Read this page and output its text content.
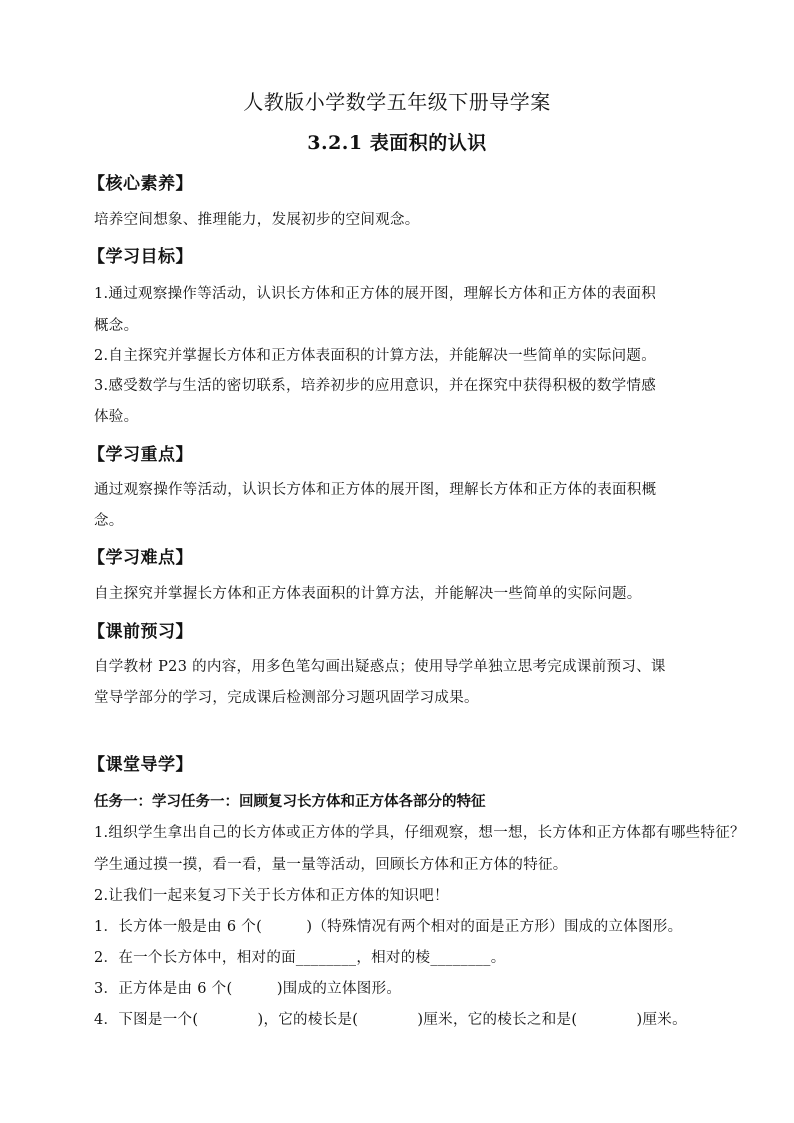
人教版小学数学五年级下册导学案
3.2.1 表面积的认识
【核心素养】
培养空间想象、推理能力，发展初步的空间观念。
【学习目标】
1.通过观察操作等活动，认识长方体和正方体的展开图，理解长方体和正方体的表面积
概念。
2.自主探究并掌握长方体和正方体表面积的计算方法，并能解决一些简单的实际问题。
3.感受数学与生活的密切联系，培养初步的应用意识，并在探究中获得积极的数学情感
体验。
【学习重点】
通过观察操作等活动，认识长方体和正方体的展开图，理解长方体和正方体的表面积概
念。
【学习难点】
自主探究并掌握长方体和正方体表面积的计算方法，并能解决一些简单的实际问题。
【课前预习】
自学教材 P23 的内容，用多色笔勾画出疑惑点；使用导学单独立思考完成课前预习、课
堂导学部分的学习，完成课后检测部分习题巩固学习成果。
【课堂导学】
任务一：学习任务一：回顾复习长方体和正方体各部分的特征
1.组织学生拿出自己的长方体或正方体的学具，仔细观察，想一想，长方体和正方体都有哪些特征？
学生通过摸一摸，看一看，量一量等活动，回顾长方体和正方体的特征。
2.让我们一起来复习下关于长方体和正方体的知识吧！
1．长方体一般是由 6 个(　　　)（特殊情况有两个相对的面是正方形）围成的立体图形。
2．在一个长方体中，相对的面________，相对的棱________。
3．正方体是由 6 个(　　　)围成的立体图形。
4．下图是一个(　　　　)，它的棱长是(　　　　)厘米，它的棱长之和是(　　　　)厘米。
